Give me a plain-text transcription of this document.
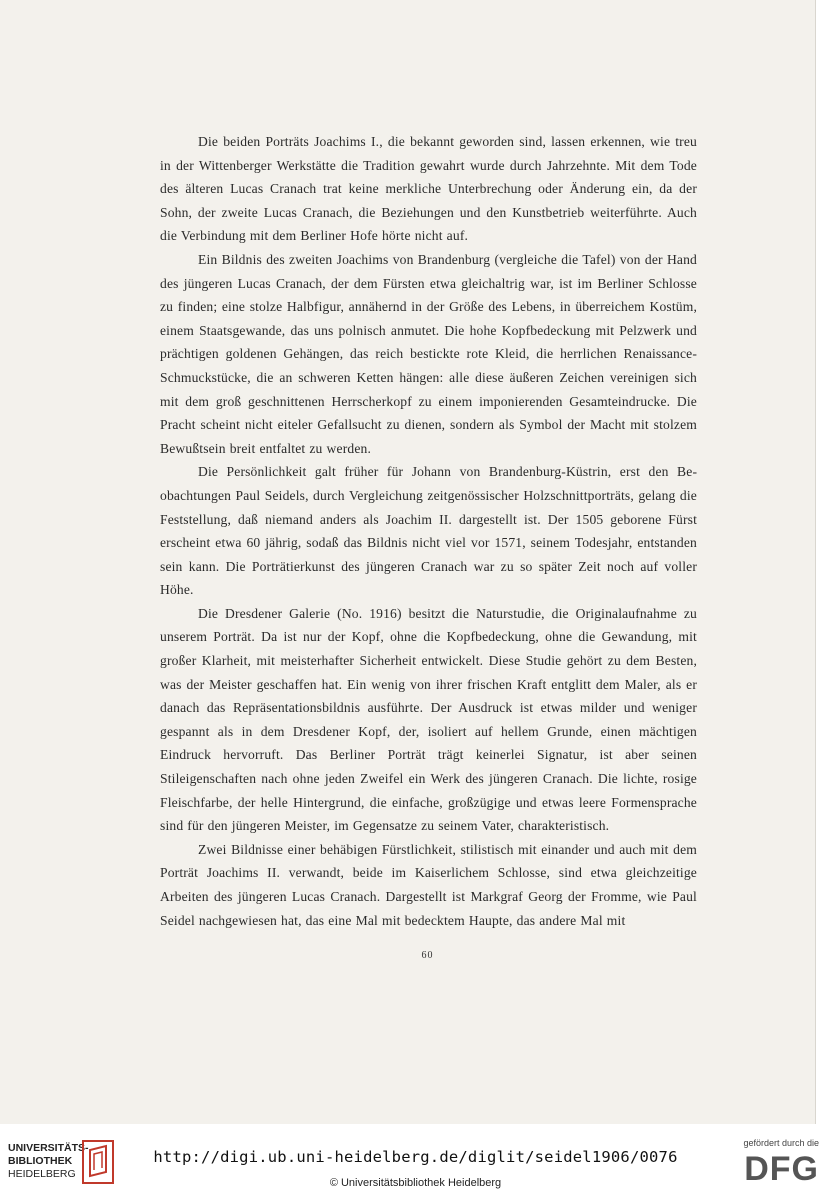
Die beiden Porträts Joachims I., die bekannt geworden sind, lassen erkennen, wie treu in der Wittenberger Werkstätte die Tradition gewahrt wurde durch Jahrzehnte. Mit dem Tode des älteren Lucas Cranach trat keine merkliche Unterbrechung oder Änderung ein, da der Sohn, der zweite Lucas Cranach, die Beziehungen und den Kunstbetrieb weiterführte. Auch die Verbindung mit dem Berliner Hofe hörte nicht auf.

Ein Bildnis des zweiten Joachims von Brandenburg (vergleiche die Tafel) von der Hand des jüngeren Lucas Cranach, der dem Fürsten etwa gleichaltrig war, ist im Berliner Schlosse zu finden; eine stolze Halbfigur, annähernd in der Größe des Lebens, in überreichem Kostüm, einem Staatsgewande, das uns polnisch anmutet. Die hohe Kopfbedeckung mit Pelzwerk und prächtigen goldenen Gehängen, das reich bestickte rote Kleid, die herrlichen Renaissance-Schmuckstücke, die an schweren Ketten hängen: alle diese äußeren Zeichen vereinigen sich mit dem groß geschnittenen Herrscherkopf zu einem imponierenden Gesamteindrucke. Die Pracht scheint nicht eiteler Gefallsucht zu dienen, sondern als Symbol der Macht mit stolzem Bewußtsein breit entfaltet zu werden.

Die Persönlichkeit galt früher für Johann von Brandenburg-Küstrin, erst den Beobachtungen Paul Seidels, durch Vergleichung zeitgenössischer Holzschnittporträts, gelang die Feststellung, daß niemand anders als Joachim II. dargestellt ist. Der 1505 geborene Fürst erscheint etwa 60 jährig, sodaß das Bildnis nicht viel vor 1571, seinem Todesjahr, entstanden sein kann. Die Porträtierkunst des jüngeren Cranach war zu so später Zeit noch auf voller Höhe.

Die Dresdener Galerie (No. 1916) besitzt die Naturstudie, die Originalaufnahme zu unserem Porträt. Da ist nur der Kopf, ohne die Kopfbedeckung, ohne die Gewandung, mit großer Klarheit, mit meisterhafter Sicherheit entwickelt. Diese Studie gehört zu dem Besten, was der Meister geschaffen hat. Ein wenig von ihrer frischen Kraft entglitt dem Maler, als er danach das Repräsentationsbildnis ausführte. Der Ausdruck ist etwas milder und weniger gespannt als in dem Dresdener Kopf, der, isoliert auf hellem Grunde, einen mächtigen Eindruck hervorruft. Das Berliner Porträt trägt keinerlei Signatur, ist aber seinen Stileigenschaften nach ohne jeden Zweifel ein Werk des jüngeren Cranach. Die lichte, rosige Fleischfarbe, der helle Hintergrund, die einfache, großzügige und etwas leere Formensprache sind für den jüngeren Meister, im Gegensatze zu seinem Vater, charakteristisch.

Zwei Bildnisse einer behäbigen Fürstlichkeit, stilistisch mit einander und auch mit dem Porträt Joachims II. verwandt, beide im Kaiserlichem Schlosse, sind etwa gleichzeitige Arbeiten des jüngeren Lucas Cranach. Dargestellt ist Markgraf Georg der Fromme, wie Paul Seidel nachgewiesen hat, das eine Mal mit bedecktem Haupte, das andere Mal mit

60
UNIVERSITÄTS-
BIBLIOTHEK
HEIDELBERG
http://digi.ub.uni-heidelberg.de/diglit/seidel1906/0076
© Universitätsbibliothek Heidelberg
gefördert durch die
DFG
